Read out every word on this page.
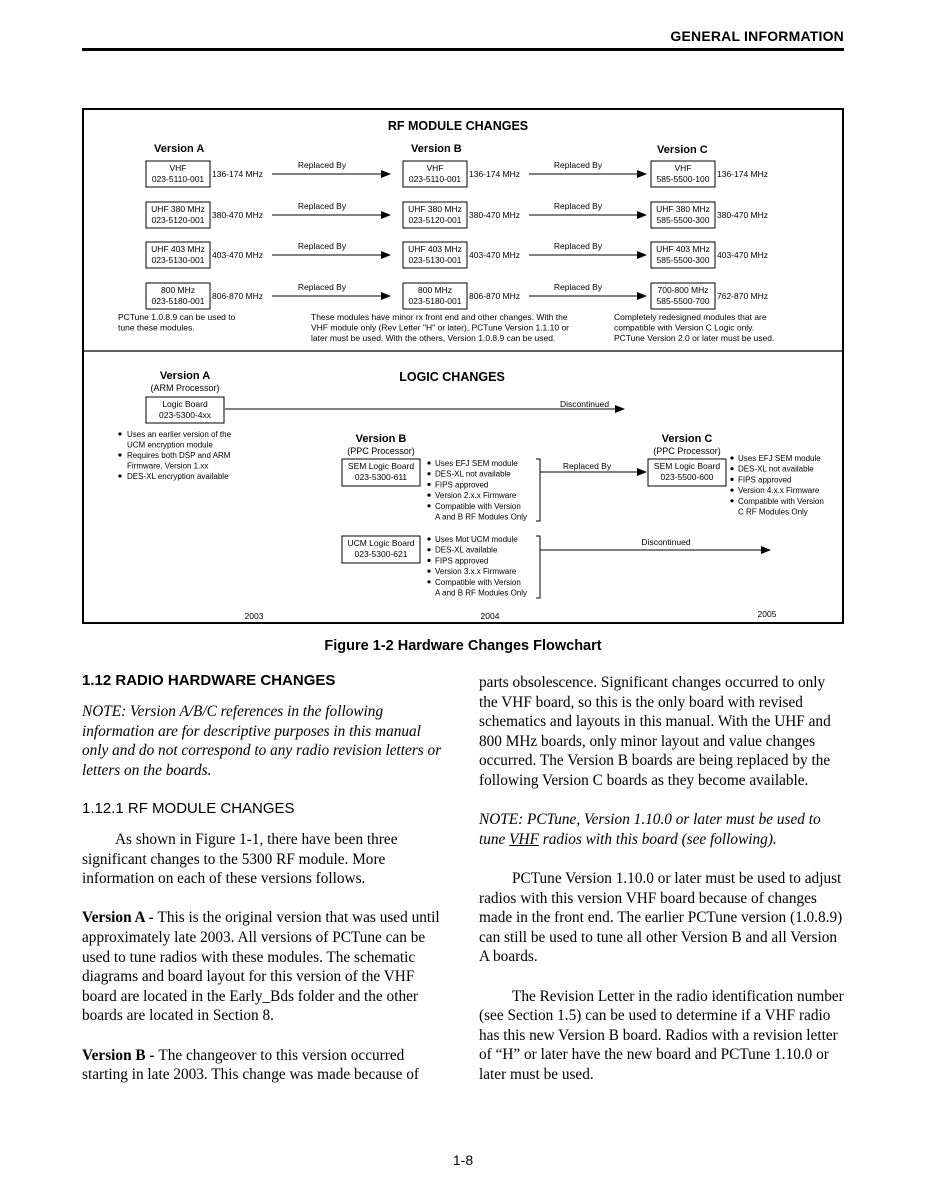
GENERAL INFORMATION
RF MODULE CHANGES
Version A	Version B	Version C
VHF
023-5110-001 136-174 MHz
Replaced By	VHF
023-5110-001 136-174 MHz
Replaced By	VHF
585-5500-100 136-174 MHz
UHF 380 MHz
023-5120-001 380-470 MHz
Replaced By	UHF 380 MHz
023-5120-001 380-470 MHz
Replaced By	UHF 380 MHz
585-5500-300 380-470 MHz
UHF 403 MHz
023-5130-001 403-470 MHz
Replaced By	UHF 403 MHz
023-5130-001 403-470 MHz
Replaced By	UHF 403 MHz
585-5500-300 403-470 MHz
800 MHz
023-5180-001 806-870 MHz
Replaced By	800 MHz
023-5180-001 806-870 MHz
Replaced By	700-800 MHz
585-5500-700 762-870 MHz
PCTune 1.0.8.9 can be used to
tune these modules.
These modules have minor rx front end and other changes. With the
VHF module only (Rev Letter "H" or later), PCTune Version 1.1.10 or
later must be used. With the others, Version 1.0.8.9 can be used.
Completely redesigned modules that are
compatible with Version C Logic only.
PCTune Version 2.0 or later must be used.
LOGIC CHANGES
Version A
(ARM Processor)
Logic Board
023-5300-4xx
Discontinued
Uses an earlier version of the
UCM encryption module
Requires both DSP and ARM
Firmware, Version 1.xx
DES-XL encryption available
Version B
(PPC Processor)
SEM Logic Board
023-5300-611
Uses EFJ SEM module
DES-XL not available
FIPS approved
Version 2.x.x Firmware
Compatible with Version
A and B RF Modules Only
Replaced By
UCM Logic Board
023-5300-621
Uses Mot UCM module
DES-XL available
FIPS approved
Version 3.x.x Firmware
Compatible with Version
A and B RF Modules Only
Discontinued
Version C
(PPC Processor)
SEM Logic Board
023-5500-600
Uses EFJ SEM module
DES-XL not available
FIPS approved
Version 4.x.x Firmware
Compatible with Version
C RF Modules Only
2003	2004	2005
Figure 1-2 Hardware Changes Flowchart
1.12 RADIO HARDWARE CHANGES

NOTE: Version A/B/C references in the following information are for descriptive purposes in this manual only and do not correspond to any radio revision letters or letters on the boards.

1.12.1 RF MODULE CHANGES

As shown in Figure 1-1, there have been three significant changes to the 5300 RF module. More information on each of these versions follows.

Version A - This is the original version that was used until approximately late 2003. All versions of PCTune can be used to tune radios with these modules. The schematic diagrams and board layout for this version of the VHF board are located in the Early_Bds folder and the other boards are located in Section 8.

Version B - The changeover to this version occurred starting in late 2003. This change was made because of

parts obsolescence. Significant changes occurred to only the VHF board, so this is the only board with revised schematics and layouts in this manual. With the UHF and 800 MHz boards, only minor layout and value changes occurred. The Version B boards are being replaced by the following Version C boards as they become available.

NOTE: PCTune, Version 1.10.0 or later must be used to tune VHF radios with this board (see following).

PCTune Version 1.10.0 or later must be used to adjust radios with this version VHF board because of changes made in the front end. The earlier PCTune version (1.0.8.9) can still be used to tune all other Version B and all Version A boards.

The Revision Letter in the radio identification number (see Section 1.5) can be used to determine if a VHF radio has this new Version B board. Radios with a revision letter of “H” or later have the new board and PCTune 1.10.0 or later must be used.

1-8
